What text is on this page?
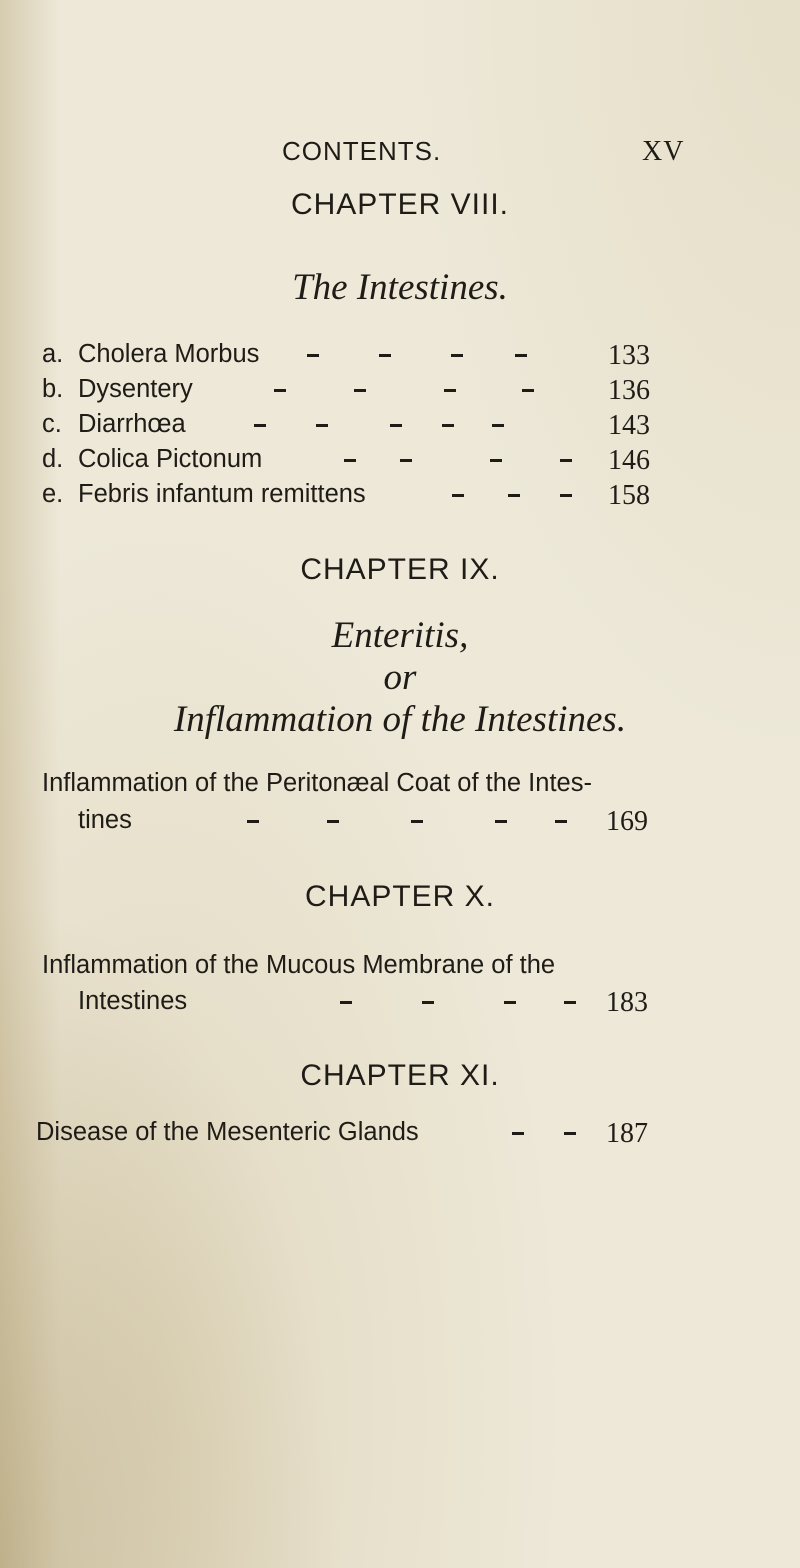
CONTENTS.	XV
CHAPTER VIII.
The Intestines.
a. Cholera Morbus	133
b. Dysentery	136
c. Diarrhœa	143
d. Colica Pictonum	146
e. Febris infantum remittens	158
CHAPTER IX.
Enteritis,
or
Inflammation of the Intestines.
Inflammation of the Peritonæal Coat of the Intes-
tines	169
CHAPTER X.
Inflammation of the Mucous Membrane of the
Intestines	183
CHAPTER XI.
Disease of the Mesenteric Glands	187
